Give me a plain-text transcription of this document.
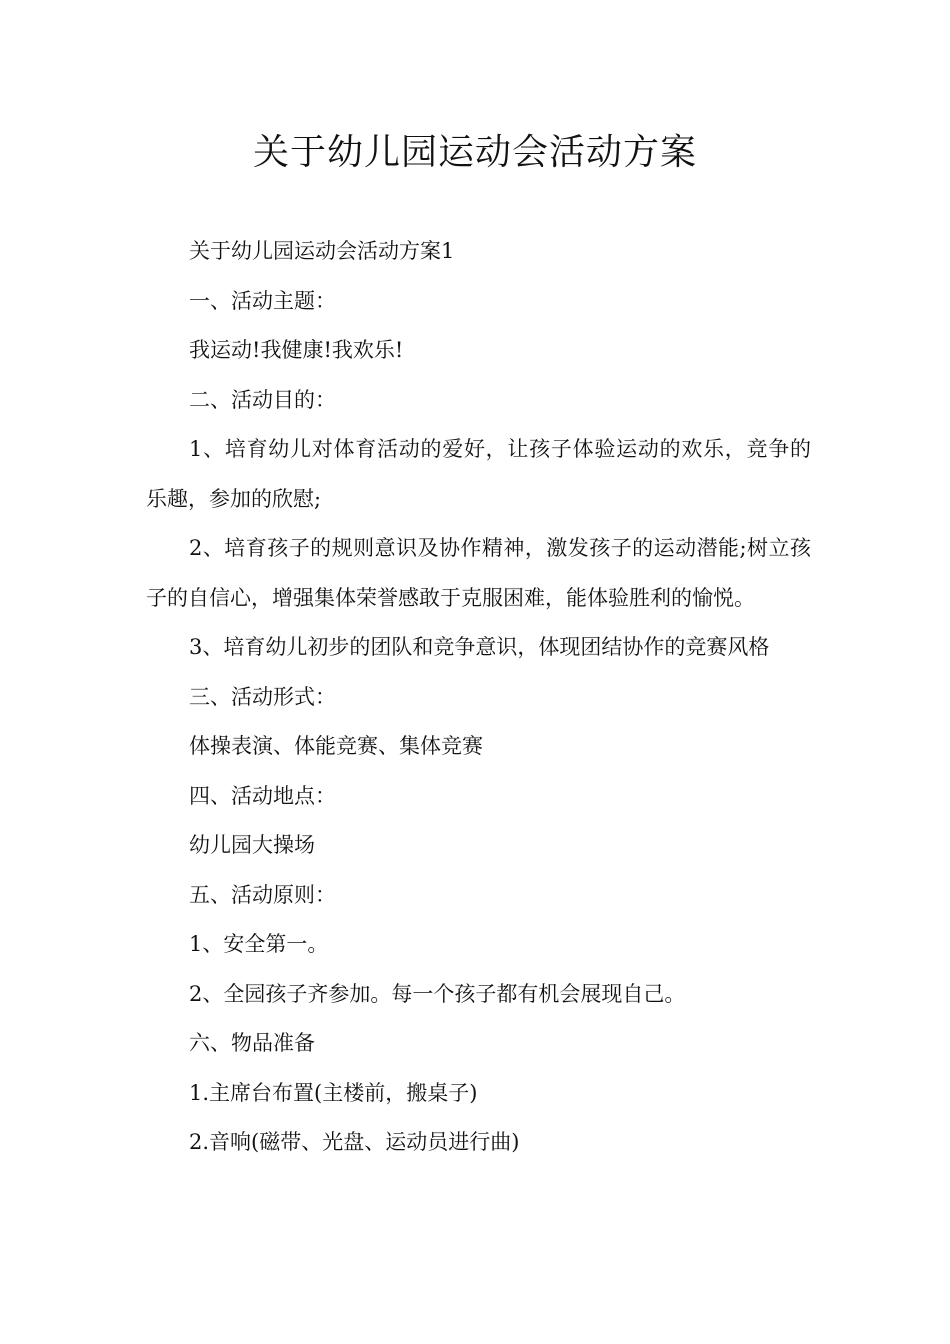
关于幼儿园运动会活动方案

关于幼儿园运动会活动方案1

一、活动主题：

我运动!我健康!我欢乐!

二、活动目的：

1、培育幼儿对体育活动的爱好，让孩子体验运动的欢乐，竞争的乐趣，参加的欣慰;

2、培育孩子的规则意识及协作精神，激发孩子的运动潜能;树立孩子的自信心，增强集体荣誉感敢于克服困难，能体验胜利的愉悦。

3、培育幼儿初步的团队和竞争意识，体现团结协作的竞赛风格

三、活动形式：

体操表演、体能竞赛、集体竞赛

四、活动地点：

幼儿园大操场

五、活动原则：

1、安全第一。

2、全园孩子齐参加。每一个孩子都有机会展现自己。

六、物品准备

1.主席台布置(主楼前，搬桌子)

2.音响(磁带、光盘、运动员进行曲)
